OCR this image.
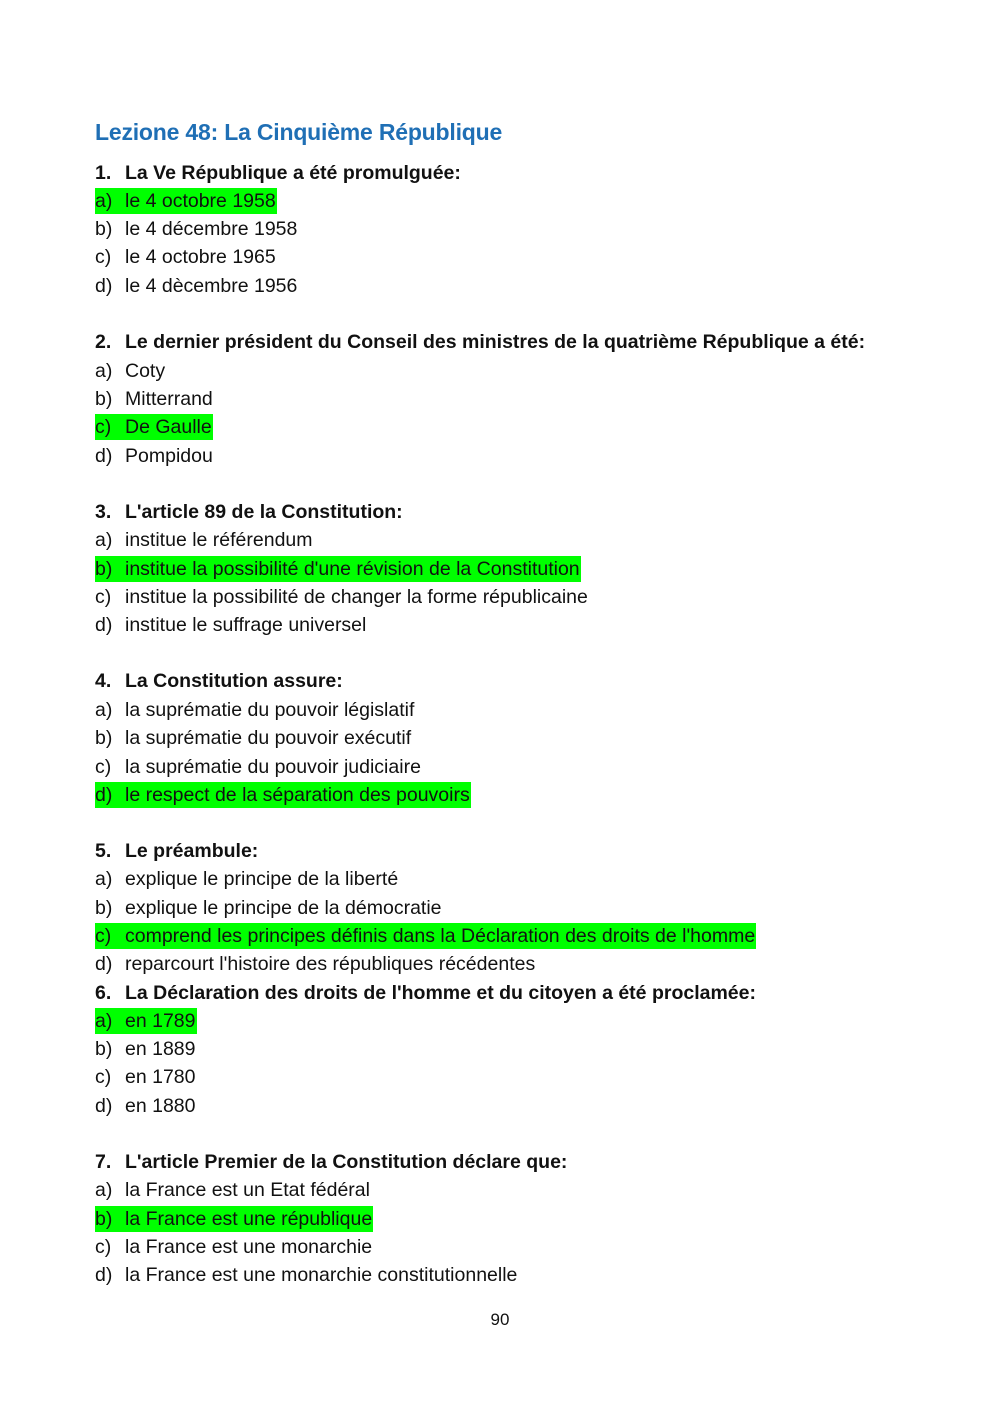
Lezione 48: La Cinquième République
1. La Ve République a été promulguée:
a) le 4 octobre 1958
b) le 4 décembre 1958
c) le 4 octobre 1965
d) le 4 dècembre 1956
2. Le dernier président du Conseil des ministres de la quatrième République a été:
a) Coty
b) Mitterrand
c) De Gaulle
d) Pompidou
3. L'article 89 de la Constitution:
a) institue le référendum
b) institue la possibilité d'une révision de la Constitution
c) institue la possibilité de changer la forme républicaine
d) institue le suffrage universel
4. La Constitution assure:
a) la suprématie du pouvoir législatif
b) la suprématie du pouvoir exécutif
c) la suprématie du pouvoir judiciaire
d) le respect de la séparation des pouvoirs
5. Le préambule:
a) explique le principe de la liberté
b) explique le principe de la démocratie
c) comprend les principes définis dans la Déclaration des droits de l'homme
d) reparcourt l'histoire des républiques récédentes
6. La Déclaration des droits de l'homme et du citoyen a été proclamée:
a) en 1789
b) en 1889
c) en 1780
d) en 1880
7. L'article Premier de la Constitution déclare que:
a) la France est un Etat fédéral
b) la France est une république
c) la France est une monarchie
d) la France est une monarchie constitutionnelle
90
